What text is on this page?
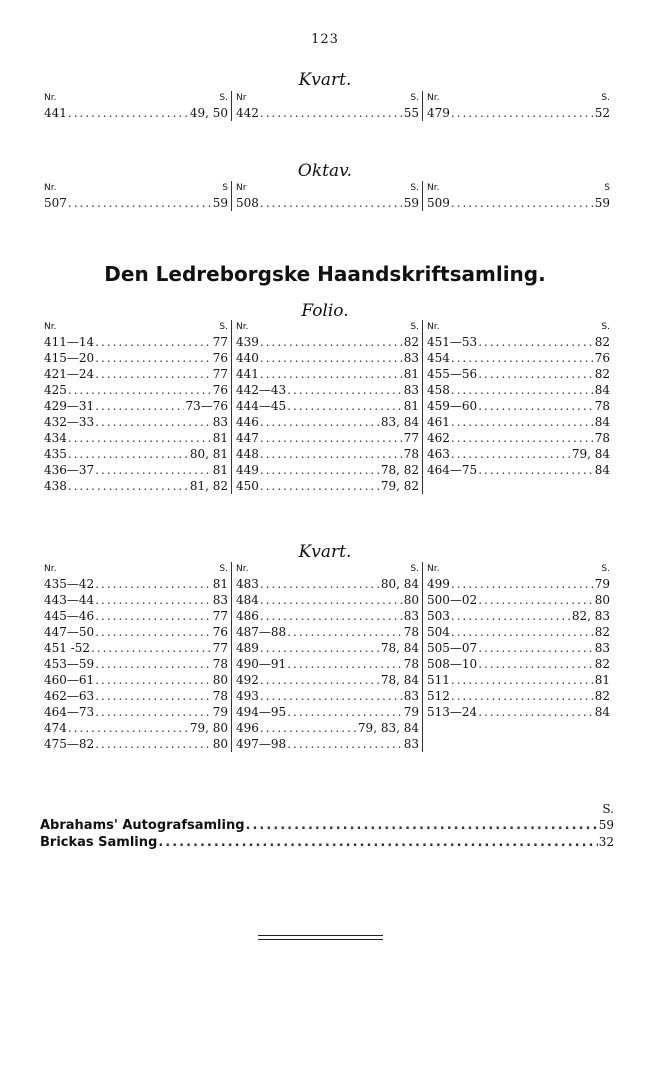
123
Kvart.
Nr.	S.
441 .....	49, 50
Nr	S.
442 .....	55
Nr.	S.
479 .....	52
Oktav.
Nr.	S
507 .....	59
Nr	S.
508 .....	59
Nr.	S
509 .....	59
Den Ledreborgske Haandskriftsamling.
Folio.
Nr.	S.
411—14 .....	77
415—20 .....	76
421—24 .....	77
425 .....	76
429—31 .....	73—76
432—33 .....	83
434 .....	81
435 .....	80, 81
436—37 .....	81
438 .....	81, 82
Nr.	S.
439 .....	82
440 .....	83
441 .....	81
442—43 .....	83
444—45 .....	81
446 .....	83, 84
447 .....	77
448 .....	78
449 .....	78, 82
450 .....	79, 82
Nr.	S.
451—53 .....	82
454 .....	76
455—56 .....	82
458 .....	84
459—60 .....	78
461 .....	84
462 .....	78
463 .....	79, 84
464—75 .....	84
Kvart.
Nr.	S.
435—42 .....	81
443—44 .....	83
445—46 .....	77
447—50 .....	76
451 -52 .....	77
453—59 .....	78
460—61 .....	80
462—63 .....	78
464—73 .....	79
474 .....	79, 80
475—82 .....	80
Nr.	S.
483 .....	80, 84
484 .....	80
486 .....	83
487—88 .....	78
489 .....	78, 84
490—91 .....	78
492 .....	78, 84
493 .....	83
494—95 .....	79
496 .....	79, 83, 84
497—98 .....	83
Nr.	S.
499 .....	79
500—02 .....	80
503 .....	82, 83
504 .....	82
505—07 .....	83
508—10 .....	82
511 .....	81
512 .....	82
513—24 .....	84
S.
Abrahams' Autografsamling .....	59
Brickas Samling .....	32
